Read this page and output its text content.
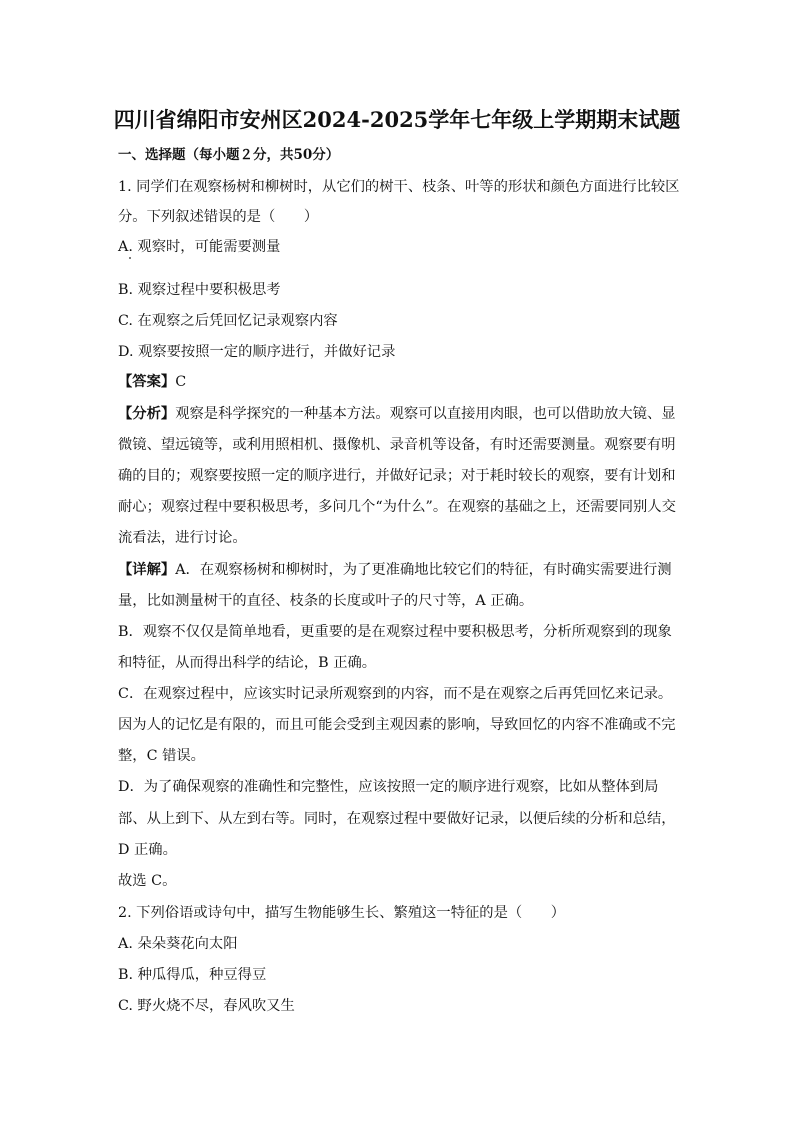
四川省绵阳市安州区2024-2025学年七年级上学期期末试题
一、选择题（每小题２分，共50分）
1. 同学们在观察杨树和柳树时，从它们的树干、枝条、叶等的形状和颜色方面进行比较区
分。下列叙述错误的是（　　）
A. 观察时，可能需要测量
B. 观察过程中要积极思考
C. 在观察之后凭回忆记录观察内容
D. 观察要按照一定的顺序进行，并做好记录
【答案】C
【分析】观察是科学探究的一种基本方法。观察可以直接用肉眼，也可以借助放大镜、显
微镜、望远镜等，或利用照相机、摄像机、录音机等设备，有时还需要测量。观察要有明
确的目的；观察要按照一定的顺序进行，并做好记录；对于耗时较长的观察，要有计划和
耐心；观察过程中要积极思考，多问几个“为什么”。在观察的基础之上，还需要同别人交
流看法，进行讨论。
【详解】A．在观察杨树和柳树时，为了更准确地比较它们的特征，有时确实需要进行测
量，比如测量树干的直径、枝条的长度或叶子的尺寸等，A 正确。
B．观察不仅仅是简单地看，更重要的是在观察过程中要积极思考，分析所观察到的现象
和特征，从而得出科学的结论，B 正确。
C．在观察过程中，应该实时记录所观察到的内容，而不是在观察之后再凭回忆来记录。
因为人的记忆是有限的，而且可能会受到主观因素的影响，导致回忆的内容不准确或不完
整，C 错误。
D．为了确保观察的准确性和完整性，应该按照一定的顺序进行观察，比如从整体到局
部、从上到下、从左到右等。同时，在观察过程中要做好记录，以便后续的分析和总结，
D 正确。
故选 C。
2. 下列俗语或诗句中，描写生物能够生长、繁殖这一特征的是（　　）
A. 朵朵葵花向太阳
B. 种瓜得瓜，种豆得豆
C. 野火烧不尽，春风吹又生
